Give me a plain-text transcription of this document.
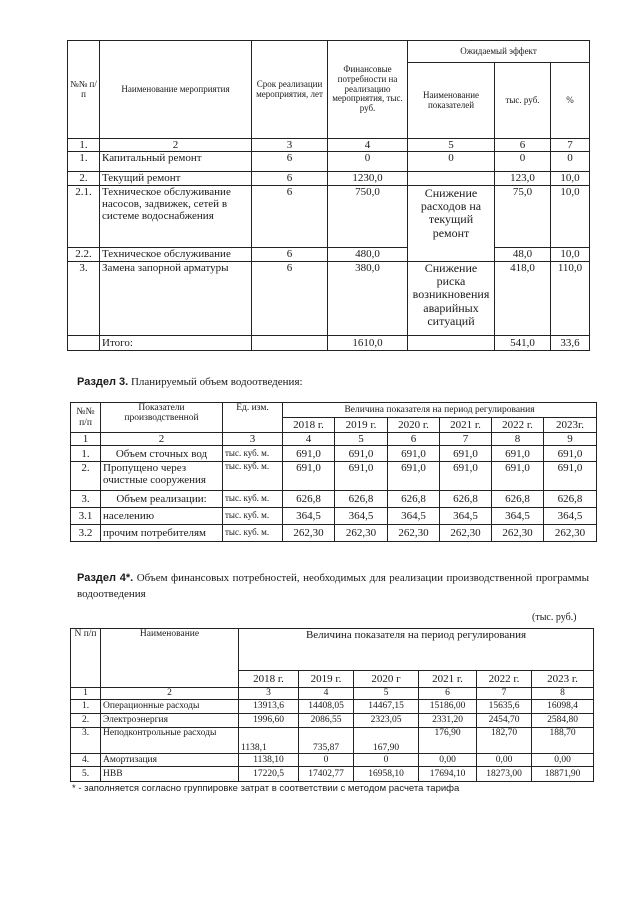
№№ п/п	Наименование мероприятия	Срок реализации мероприятия, лет	Финансовые потребности на реализацию мероприятия, тыс. руб.	Ожидаемый эффект		
				Наименование показателей	тыс. руб.	%
1.	2	3	4	5	6	7
1.	Капитальный ремонт	6	0	0	0	0
2.	Текущий ремонт	6	1230,0		123,0	10,0
2.1.	Техническое обслуживание насосов, задвижек, сетей в системе водоснабжения	6	750,0	Снижение расходов на текущий ремонт	75,0	10,0
2.2.	Техническое обслуживание	6	480,0		48,0	10,0
3.	Замена запорной арматуры	6	380,0	Снижение риска возникновения аварийных ситуаций	418,0	110,0
	Итого:		1610,0		541,0	33,6
Раздел 3. Планируемый объем водоотведения:
№№ п/п	Показатели производственной	Ед. изм.	Величина показателя на период регулирования					
			2018 г.	2019 г.	2020 г.	2021 г.	2022 г.	2023г.
1	2	3	4	5	6	7	8	9
1.	Объем сточных вод	тыс. куб. м.	691,0	691,0	691,0	691,0	691,0	691,0
2.	Пропущено через очистные сооружения	тыс. куб. м.	691,0	691,0	691,0	691,0	691,0	691,0
3.	Объем реализации:	тыс. куб. м.	626,8	626,8	626,8	626,8	626,8	626,8
3.1	населению	тыс. куб. м.	364,5	364,5	364,5	364,5	364,5	364,5
3.2	прочим потребителям	тыс. куб. м.	262,30	262,30	262,30	262,30	262,30	262,30
Раздел 4*. Объем финансовых потребностей, необходимых для реализации производственной программы водоотведения
(тыс. руб.)
N п/п	Наименование	Величина показателя на период регулирования					
		2018 г.	2019 г.	2020 г	2021 г.	2022 г.	2023 г.
1	2	3	4	5	6	7	8
1.	Операционные расходы	13913,6	14408,05	14467,15	15186,00	15635,6	16098,4
2.	Электроэнергия	1996,60	2086,55	2323,05	2331,20	2454,70	2584,80
3.	Неподконтрольные расходы	1138,1	735,87	167,90	176,90	182,70	188,70
4.	Амортизация	1138,10	0	0	0,00	0,00	0,00
5.	НВВ	17220,5	17402,77	16958,10	17694,10	18273,00	18871,90
* - заполняется согласно группировке затрат в соответствии с методом расчета тарифа
